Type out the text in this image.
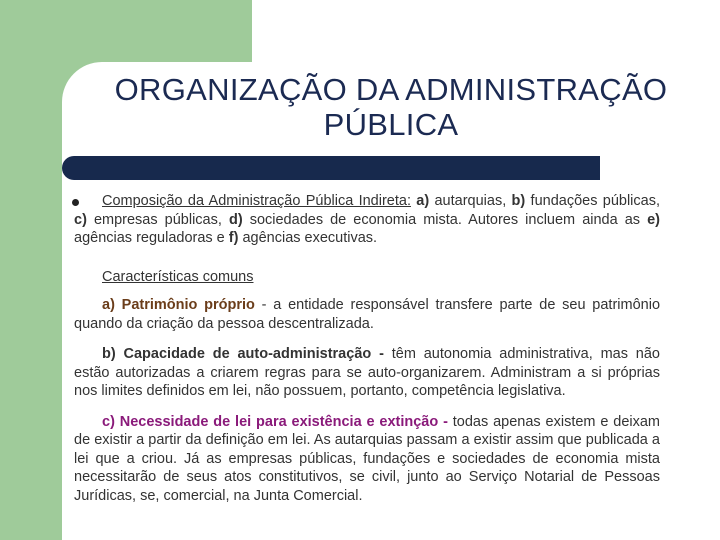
ORGANIZAÇÃO DA ADMINISTRAÇÃO
PÚBLICA

Composição da Administração Pública Indireta: a) autarquias, b) fundações públicas, c) empresas públicas, d) sociedades de economia mista. Autores incluem ainda as e) agências reguladoras e f) agências executivas.

Características comuns

a) Patrimônio próprio - a entidade responsável transfere parte de seu patrimônio quando da criação da pessoa descentralizada.

b) Capacidade de auto-administração - têm autonomia administrativa, mas não estão autorizadas a criarem regras para se auto-organizarem. Administram a si próprias nos limites definidos em lei, não possuem, portanto, competência legislativa.

c) Necessidade de lei para existência e extinção - todas apenas existem e deixam de existir a partir da definição em lei. As autarquias passam a existir assim que publicada a lei que a criou. Já as empresas públicas, fundações e sociedades de economia mista necessitarão de seus atos constitutivos, se civil, junto ao Serviço Notarial de Pessoas Jurídicas, se, comercial, na Junta Comercial.
